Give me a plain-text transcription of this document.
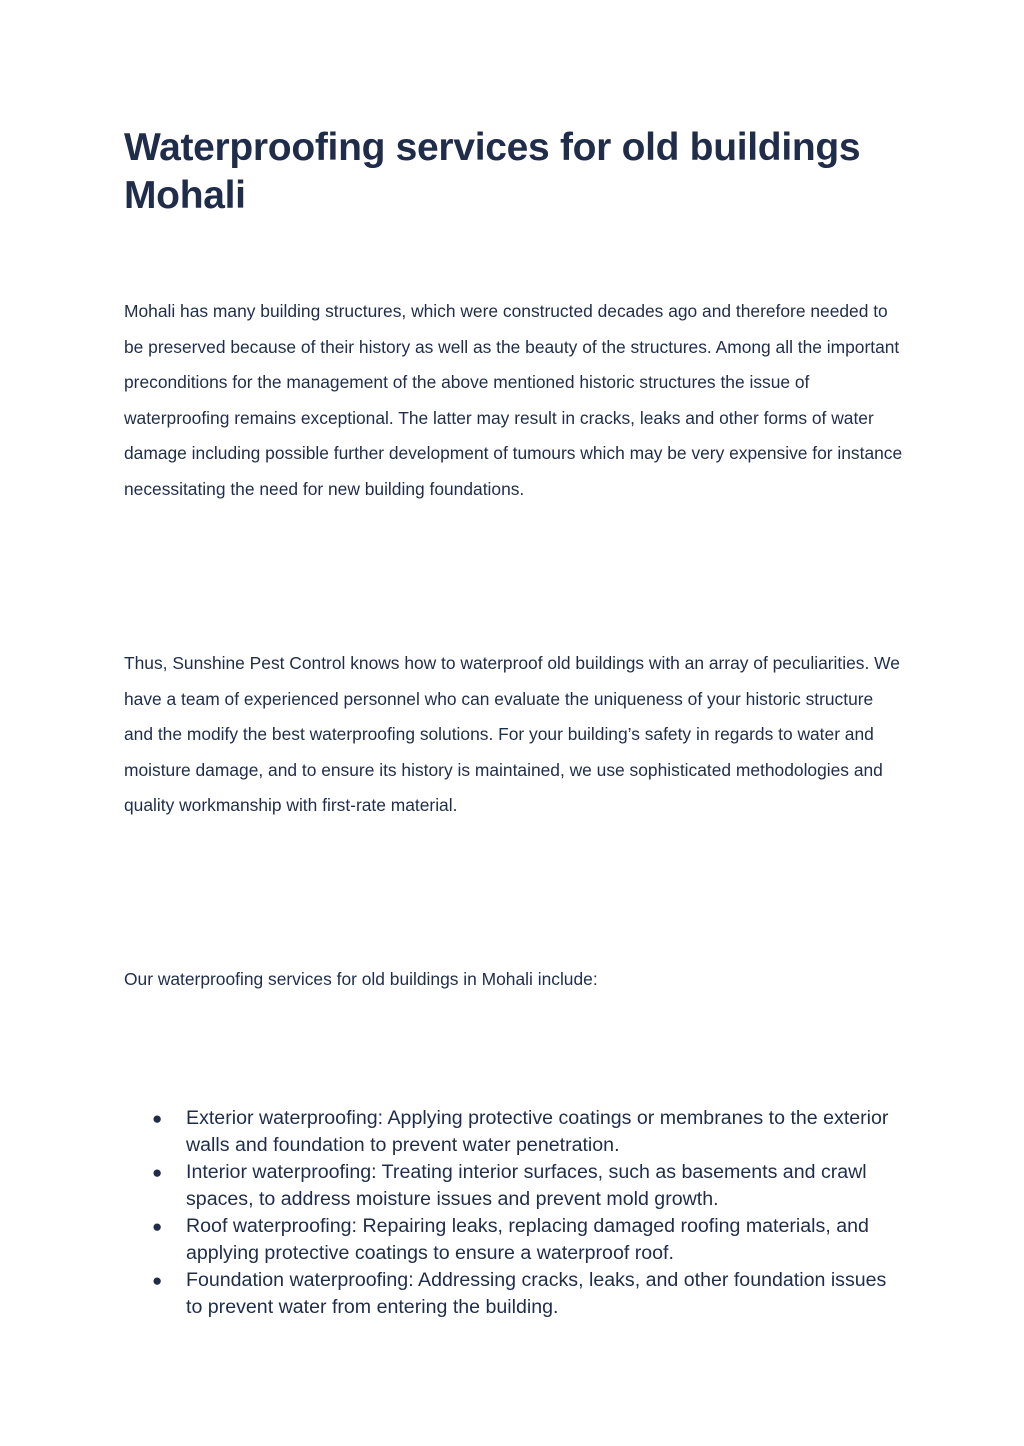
Waterproofing services for old buildings Mohali

Mohali has many building structures, which were constructed decades ago and therefore needed to be preserved because of their history as well as the beauty of the structures. Among all the important preconditions for the management of the above mentioned historic structures the issue of waterproofing remains exceptional. The latter may result in cracks, leaks and other forms of water damage including possible further development of tumours which may be very expensive for instance necessitating the need for new building foundations.

Thus, Sunshine Pest Control knows how to waterproof old buildings with an array of peculiarities. We have a team of experienced personnel who can evaluate the uniqueness of your historic structure and the modify the best waterproofing solutions. For your building’s safety in regards to water and moisture damage, and to ensure its history is maintained, we use sophisticated methodologies and quality workmanship with first-rate material.

Our waterproofing services for old buildings in Mohali include:

● Exterior waterproofing: Applying protective coatings or membranes to the exterior walls and foundation to prevent water penetration.
● Interior waterproofing: Treating interior surfaces, such as basements and crawl spaces, to address moisture issues and prevent mold growth.
● Roof waterproofing: Repairing leaks, replacing damaged roofing materials, and applying protective coatings to ensure a waterproof roof.
● Foundation waterproofing: Addressing cracks, leaks, and other foundation issues to prevent water from entering the building.
